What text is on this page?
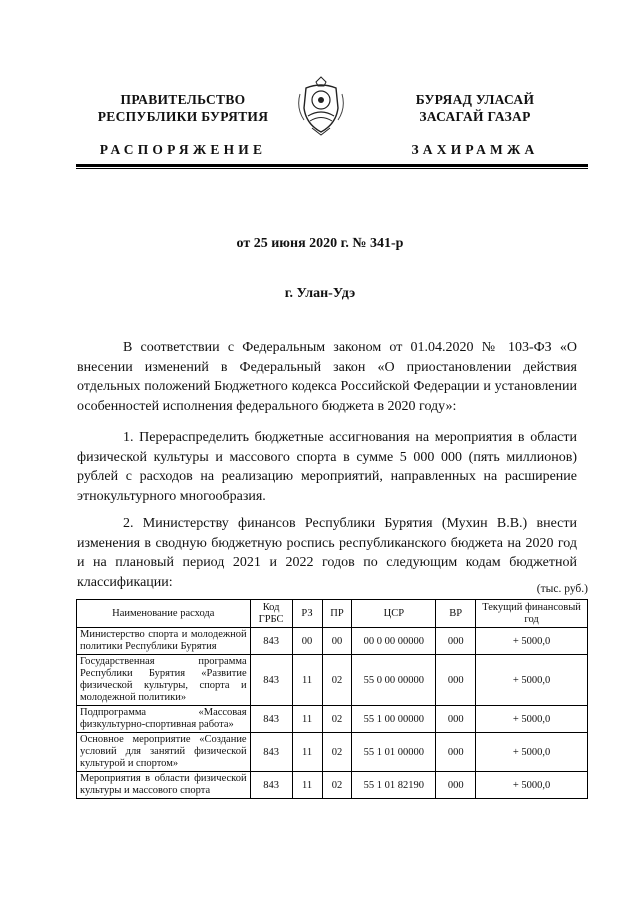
ПРАВИТЕЛЬСТВО
РЕСПУБЛИКИ БУРЯТИЯ
БУРЯАД УЛАСАЙ
ЗАСАГАЙ ГАЗАР
РАСПОРЯЖЕНИЕ	ЗАХИРАМЖА
от 25 июня 2020 г. № 341-р
г. Улан-Удэ

В соответствии с Федеральным законом от 01.04.2020 № 103-ФЗ «О внесении изменений в Федеральный закон «О приостановлении действия отдельных положений Бюджетного кодекса Российской Федерации и установлении особенностей исполнения федерального бюджета в 2020 году»:

1. Перераспределить бюджетные ассигнования на мероприятия в области физической культуры и массового спорта в сумме 5 000 000 (пять миллионов) рублей с расходов на реализацию мероприятий, направленных на расширение этнокультурного многообразия.

2. Министерству финансов Республики Бурятия (Мухин В.В.) внести изменения в сводную бюджетную роспись республиканского бюджета на 2020 год и на плановый период 2021 и 2022 годов по следующим кодам бюджетной классификации:	(тыс. руб.)
Наименование расхода	Код ГРБС	РЗ	ПР	ЦСР	ВР	Текущий финансовый год
Министерство спорта и молодежной политики Республики Бурятия	843	00	00	00 0 00 00000	000	+ 5000,0
Государственная программа Республики Бурятия «Развитие физической культуры, спорта и молодежной политики»	843	11	02	55 0 00 00000	000	+ 5000,0
Подпрограмма «Массовая физкультурно-спортивная работа»	843	11	02	55 1 00 00000	000	+ 5000,0
Основное мероприятие «Создание условий для занятий физической культурой и спортом»	843	11	02	55 1 01 00000	000	+ 5000,0
Мероприятия в области физической культуры и массового спорта	843	11	02	55 1 01 82190	000	+ 5000,0
